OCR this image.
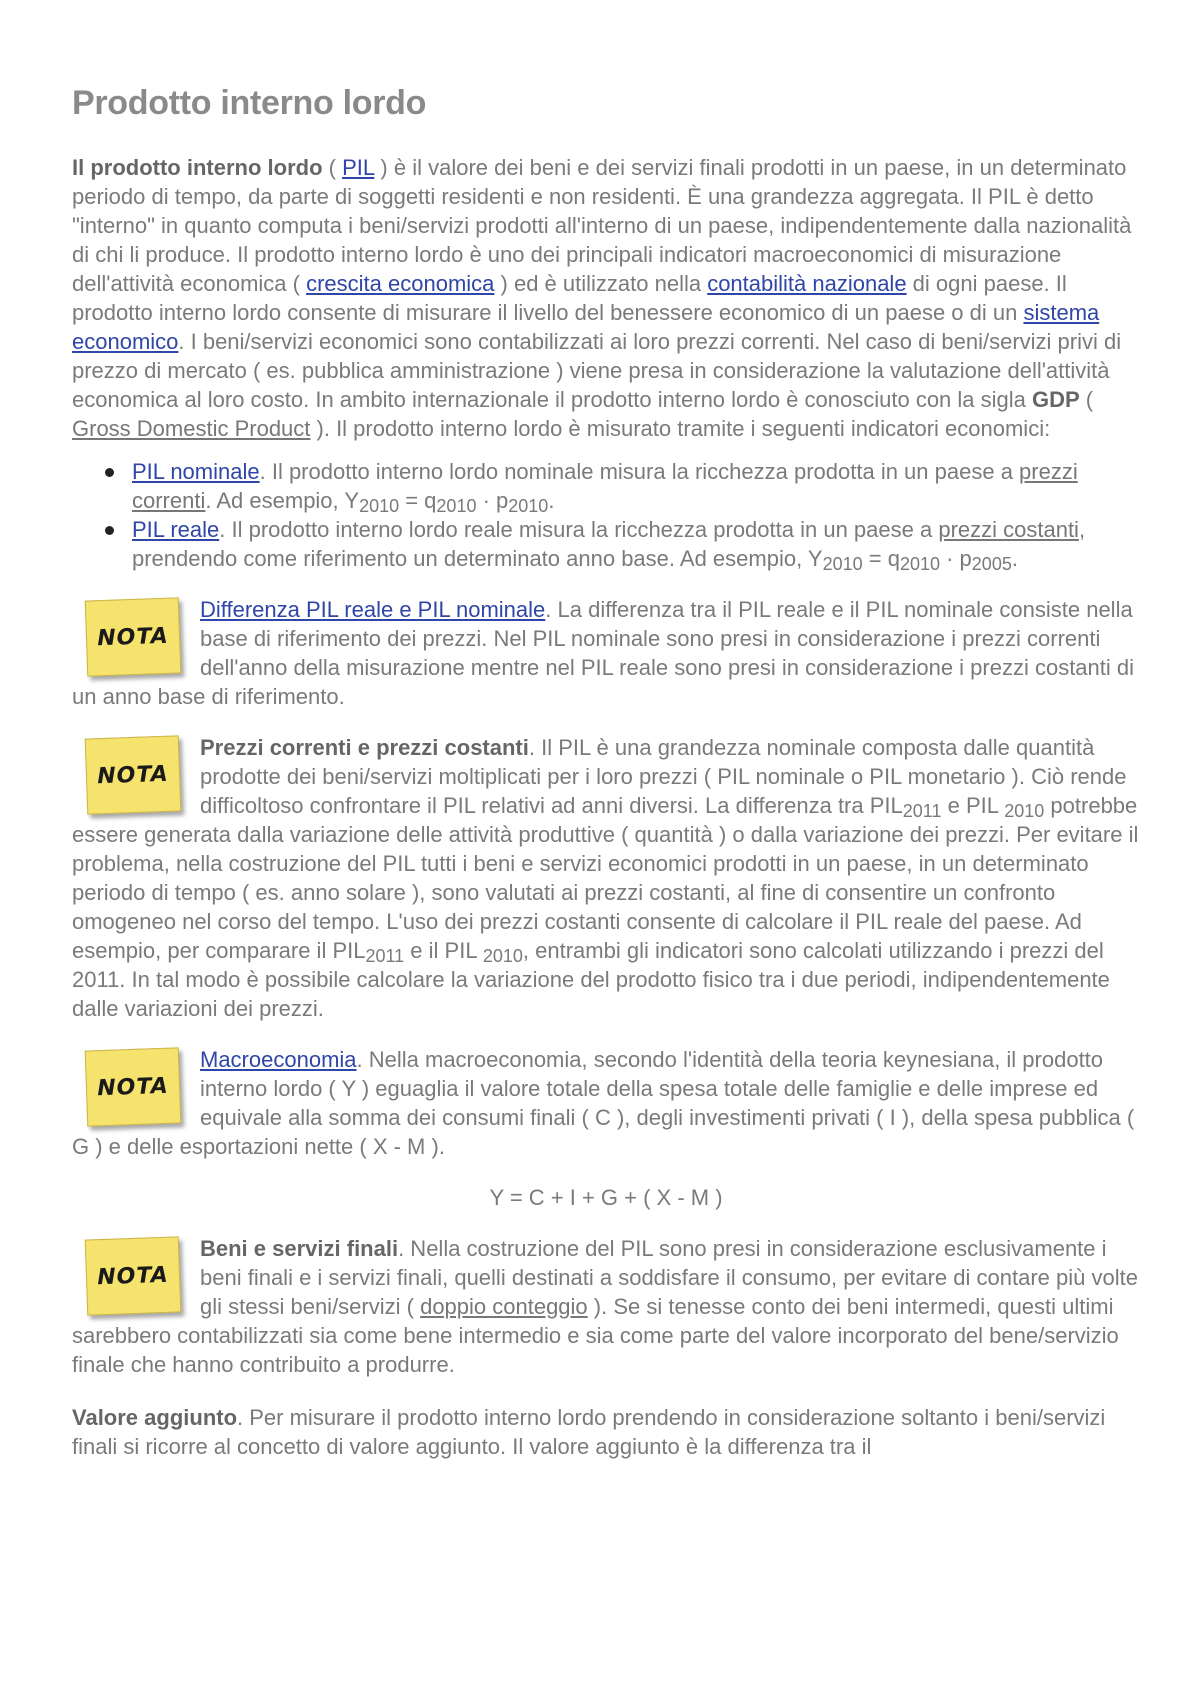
Prodotto interno lordo

Il prodotto interno lordo ( PIL ) è il valore dei beni e dei servizi finali prodotti in un paese, in un determinato periodo di tempo, da parte di soggetti residenti e non residenti. È una grandezza aggregata. Il PIL è detto "interno" in quanto computa i beni/servizi prodotti all'interno di un paese, indipendentemente dalla nazionalità di chi li produce. Il prodotto interno lordo è uno dei principali indicatori macroeconomici di misurazione dell'attività economica ( crescita economica ) ed è utilizzato nella contabilità nazionale di ogni paese. Il prodotto interno lordo consente di misurare il livello del benessere economico di un paese o di un sistema economico. I beni/servizi economici sono contabilizzati ai loro prezzi correnti. Nel caso di beni/servizi privi di prezzo di mercato ( es. pubblica amministrazione ) viene presa in considerazione la valutazione dell'attività economica al loro costo. In ambito internazionale il prodotto interno lordo è conosciuto con la sigla GDP ( Gross Domestic Product ). Il prodotto interno lordo è misurato tramite i seguenti indicatori economici:

PIL nominale. Il prodotto interno lordo nominale misura la ricchezza prodotta in un paese a prezzi correnti. Ad esempio, $Y_{2010} = q_{2010} \cdot p_{2010}$.
PIL reale. Il prodotto interno lordo reale misura la ricchezza prodotta in un paese a prezzi costanti, prendendo come riferimento un determinato anno base. Ad esempio, $Y_{2010} = q_{2010} \cdot p_{2005}$.
NOTA

Differenza PIL reale e PIL nominale. La differenza tra il PIL reale e il PIL nominale consiste nella base di riferimento dei prezzi. Nel PIL nominale sono presi in considerazione i prezzi correnti dell'anno della misurazione mentre nel PIL reale sono presi in considerazione i prezzi costanti di un anno base di riferimento.

NOTA

Prezzi correnti e prezzi costanti. Il PIL è una grandezza nominale composta dalle quantità prodotte dei beni/servizi moltiplicati per i loro prezzi ( PIL nominale o PIL monetario ). Ciò rende difficoltoso confrontare il PIL relativi ad anni diversi. La differenza tra $PIL_{2011}$ e PIL $_{2010}$ potrebbe essere generata dalla variazione delle attività produttive ( quantità ) o dalla variazione dei prezzi. Per evitare il problema, nella costruzione del PIL tutti i beni e servizi economici prodotti in un paese, in un determinato periodo di tempo ( es. anno solare ), sono valutati ai prezzi costanti, al fine di consentire un confronto omogeneo nel corso del tempo. L'uso dei prezzi costanti consente di calcolare il PIL reale del paese. Ad esempio, per comparare il $PIL_{2011}$ e il PIL $_{2010}$, entrambi gli indicatori sono calcolati utilizzando i prezzi del 2011. In tal modo è possibile calcolare la variazione del prodotto fisico tra i due periodi, indipendentemente dalle variazioni dei prezzi.

NOTA

Macroeconomia. Nella macroeconomia, secondo l'identità della teoria keynesiana, il prodotto interno lordo ( Y ) eguaglia il valore totale della spesa totale delle famiglie e delle imprese ed equivale alla somma dei consumi finali ( C ), degli investimenti privati ( I ), della spesa pubblica ( G ) e delle esportazioni nette ( X - M ).

Y = C + I + G + ( X - M )

NOTA

Beni e servizi finali. Nella costruzione del PIL sono presi in considerazione esclusivamente i beni finali e i servizi finali, quelli destinati a soddisfare il consumo, per evitare di contare più volte gli stessi beni/servizi ( doppio conteggio ). Se si tenesse conto dei beni intermedi, questi ultimi sarebbero contabilizzati sia come bene intermedio e sia come parte del valore incorporato del bene/servizio finale che hanno contribuito a produrre.

Valore aggiunto. Per misurare il prodotto interno lordo prendendo in considerazione soltanto i beni/servizi finali si ricorre al concetto di valore aggiunto. Il valore aggiunto è la differenza tra il
